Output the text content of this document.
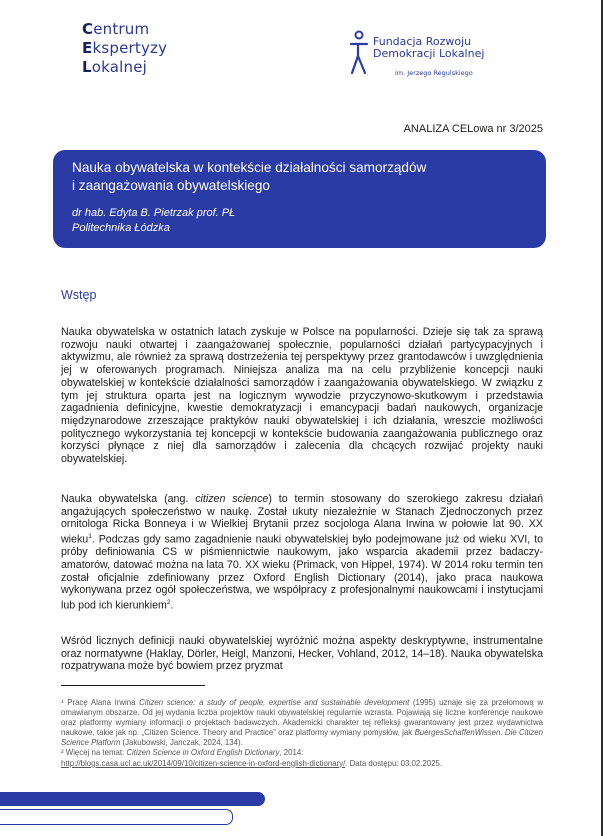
Centrum
Ekspertyzy
Lokalnej
Fundacja Rozwoju
Demokracji Lokalnej
im. Jerzego Regulskiego
ANALIZA CELowa nr 3/2025
Nauka obywatelska w kontekście działalności samorządów
i zaangażowania obywatelskiego
dr hab. Edyta B. Pietrzak prof. PŁ
Politechnika Łódzka
Wstęp

Nauka obywatelska w ostatnich latach zyskuje w Polsce na popularności. Dzieje się tak za sprawą rozwoju nauki otwartej i zaangażowanej społecznie, popularności działań partycypacyjnych i aktywizmu, ale również za sprawą dostrzeżenia tej perspektywy przez grantodawców i uwzględnienia jej w oferowanych programach. Niniejsza analiza ma na celu przybliżenie koncepcji nauki obywatelskiej w kontekście działalności samorządów i zaangażowania obywatelskiego. W związku z tym jej struktura oparta jest na logicznym wywodzie przyczynowo-skutkowym i przedstawia zagadnienia definicyjne, kwestie demokratyzacji i emancypacji badań naukowych, organizacje międzynarodowe zrzeszające praktyków nauki obywatelskiej i ich działania, wreszcie możliwości politycznego wykorzystania tej koncepcji w kontekście budowania zaangażowania publicznego oraz korzyści płynące z niej dla samorządów i zalecenia dla chcących rozwijać projekty nauki obywatelskiej.

Nauka obywatelska (ang. citizen science) to termin stosowany do szerokiego zakresu działań angażujących społeczeństwo w naukę. Został ukuty niezależnie w Stanach Zjednoczonych przez ornitologa Ricka Bonneya i w Wielkiej Brytanii przez socjologa Alana Irwina w połowie lat 90. XX wieku$^1$. Podczas gdy samo zagadnienie nauki obywatelskiej było podejmowane już od wieku XVI, to próby definiowania CS w piśmiennictwie naukowym, jako wsparcia akademii przez badaczy-amatorów, datować można na lata 70. XX wieku (Primack, von Hippel, 1974). W 2014 roku termin ten został oficjalnie zdefiniowany przez Oxford English Dictionary (2014), jako praca naukowa wykonywana przez ogół społeczeństwa, we współpracy z profesjonalnymi naukowcami i instytucjami lub pod ich kierunkiem$^2$.

Wśród licznych definicji nauki obywatelskiej wyróżnić można aspekty deskryptywne, instrumentalne oraz normatywne (Haklay, Dörler, Heigl, Manzoni, Hecker, Vohland, 2012, 14–18). Nauka obywatelska rozpatrywana może być bowiem przez pryzmat

¹ Pracę Alana Irwina Citizen science: a study of people, expertise and sustainable development (1995) uznaje się za przełomową w omawianym obszarze. Od jej wydania liczba projektów nauki obywatelskiej regularnie wzrasta. Pojawiają się liczne konferencje naukowe oraz platformy wymiany informacji o projektach badawczych. Akademicki charakter tej refleksji gwarantowany jest przez wydawnictwa naukowe, takie jak np. „Citizen Science. Theory and Practice” oraz platformy wymiany pomysłów, jak BuergesSchaffenWissen. Die Citizen Science Platform (Jakubowski, Janczak, 2024, 134).

² Więcej na temat: Citizen Science in Oxford English Dictionary, 2014:
http://blogs.casa.ucl.ac.uk/2014/09/10/citizen-science-in-oxford-english-dictionary/. Data dostępu: 03.02.2025.
